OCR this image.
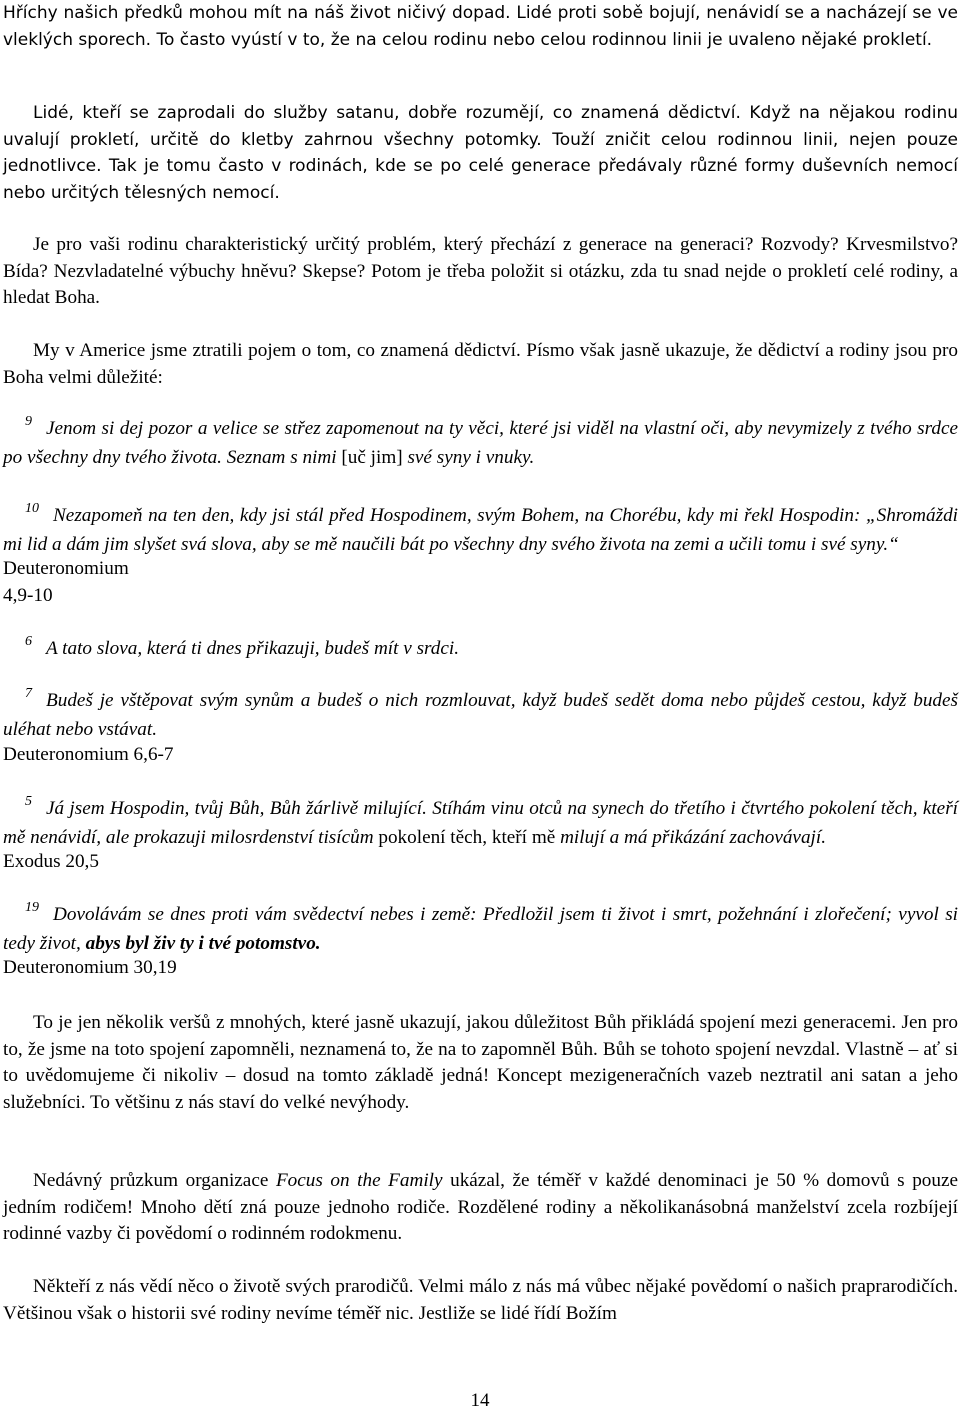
Hříchy našich předků mohou mít na náš život ničivý dopad. Lidé proti sobě bojují, nenávidí se a nacházejí se ve vleklých sporech. To často vyústí v to, že na celou rodinu nebo celou rodinnou linii je uvaleno nějaké prokletí.
Lidé, kteří se zaprodali do služby satanu, dobře rozumějí, co znamená dědictví. Když na nějakou rodinu uvalují prokletí, určitě do kletby zahrnou všechny potomky. Touží zničit celou rodinnou linii, nejen pouze jednotlivce. Tak je tomu často v rodinách, kde se po celé generace předávaly různé formy duševních nemocí nebo určitých tělesných nemocí.
Je pro vaši rodinu charakteristický určitý problém, který přechází z generace na generaci? Rozvody? Krvesmilstvo? Bída? Nezvladatelné výbuchy hněvu? Skepse? Potom je třeba položit si otázku, zda tu snad nejde o prokletí celé rodiny, a hledat Boha.
My v Americe jsme ztratili pojem o tom, co znamená dědictví. Písmo však jasně ukazuje, že dědictví a rodiny jsou pro Boha velmi důležité:
$^9$ Jenom si dej pozor a velice se střez zapomenout na ty věci, které jsi viděl na vlastní oči, aby nevymizely z tvého srdce po všechny dny tvého života. Seznam s nimi [uč jim] své syny i vnuky.
$^{10}$ Nezapomeň na ten den, kdy jsi stál před Hospodinem, svým Bohem, na Chorébu, kdy mi řekl Hospodin: „Shromáždi mi lid a dám jim slyšet svá slova, aby se mě naučili bát po všechny dny svého života na zemi a učili tomu i své syny.“
Deuteronomium 4,9-10
$^6$ A tato slova, která ti dnes přikazuji, budeš mít v srdci.
$^7$ Budeš je vštěpovat svým synům a budeš o nich rozmlouvat, když budeš sedět doma nebo půjdeš cestou, když budeš uléhat nebo vstávat.
Deuteronomium 6,6-7
$^5$ Já jsem Hospodin, tvůj Bůh, Bůh žárlivě milující. Stíhám vinu otců na synech do třetího i čtvrtého pokolení těch, kteří mě nenávidí, ale prokazuji milosrdenství tisícům pokolení těch, kteří mě milují a má přikázání zachovávají.
Exodus 20,5
$^{19}$ Dovolávám se dnes proti vám svědectví nebes i země: Předložil jsem ti život i smrt, požehnání i zlořečení; vyvol si tedy život, abys byl živ ty i tvé potomstvo.
Deuteronomium 30,19
To je jen několik veršů z mnohých, které jasně ukazují, jakou důležitost Bůh přikládá spojení mezi generacemi. Jen pro to, že jsme na toto spojení zapomněli, neznamená to, že na to zapomněl Bůh. Bůh se tohoto spojení nevzdal. Vlastně – ať si to uvědomujeme či nikoliv – dosud na tomto základě jedná! Koncept mezigeneračních vazeb neztratil ani satan a jeho služebníci. To většinu z nás staví do velké nevýhody.
Nedávný průzkum organizace Focus on the Family ukázal, že téměř v každé denominaci je 50 % domovů s pouze jedním rodičem! Mnoho dětí zná pouze jednoho rodiče. Rozdělené rodiny a několikanásobná manželství zcela rozbíjejí rodinné vazby či povědomí o rodinném rodokmenu.
Někteří z nás vědí něco o životě svých prarodičů. Velmi málo z nás má vůbec nějaké povědomí o našich praprarodičích. Většinou však o historii své rodiny nevíme téměř nic. Jestliže se lidé řídí Božím
14
